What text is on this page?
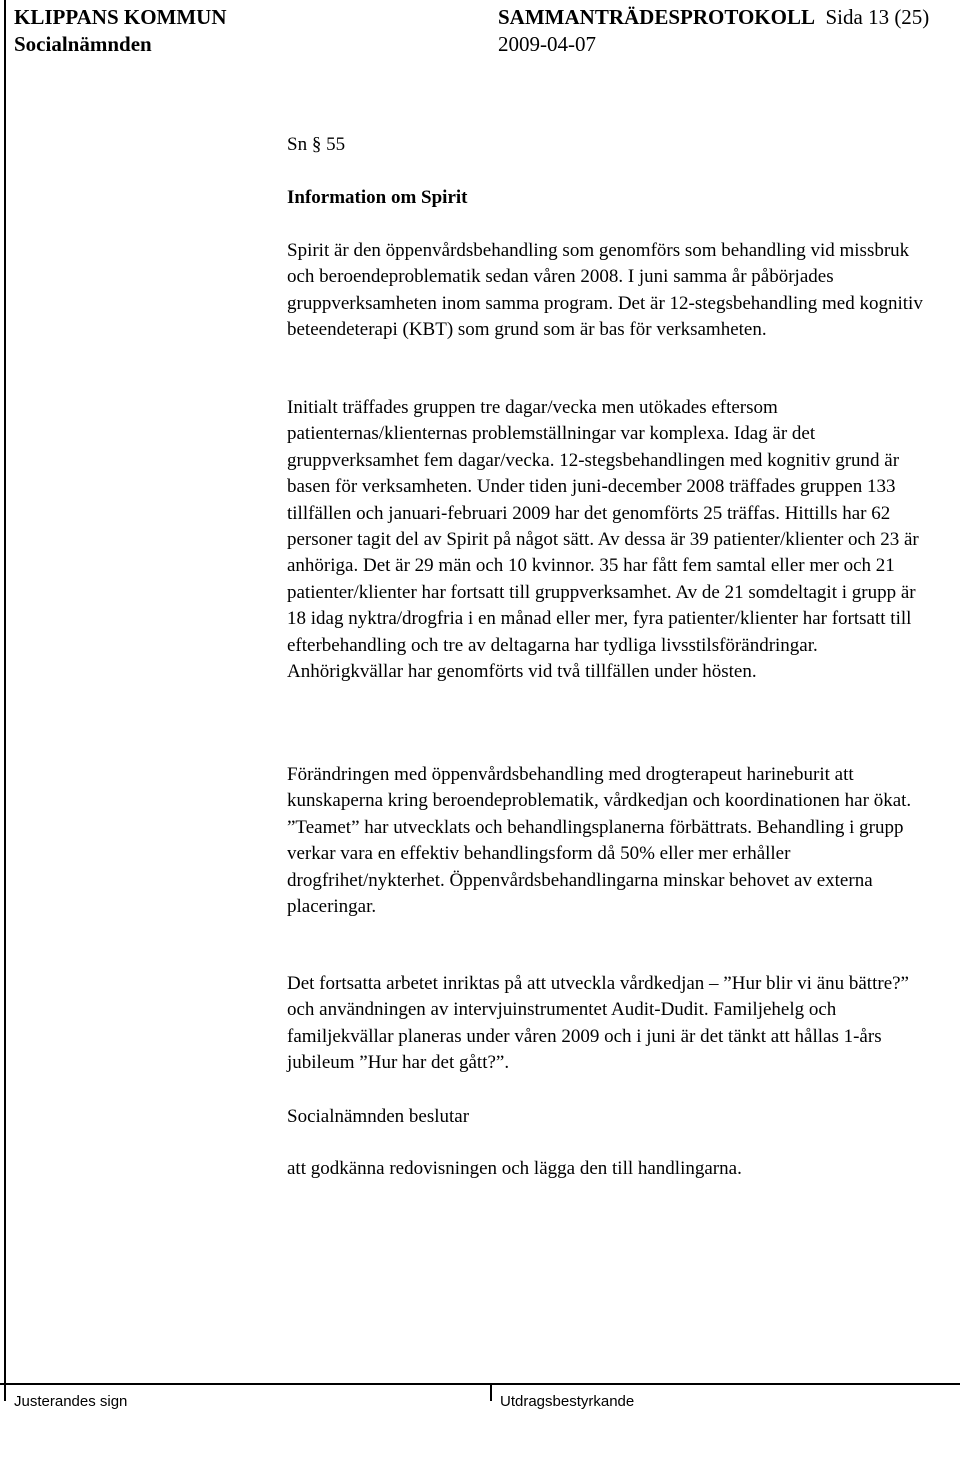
KLIPPANS KOMMUN
Socialnämnden
SAMMANTRÄDESPROTOKOLL Sida 13 (25)
2009-04-07
Sn § 55
Information om Spirit

Spirit är den öppenvårdsbehandling som genomförs som behandling vid missbruk och beroendeproblematik sedan våren 2008. I juni samma år påbörjades gruppverksamheten inom samma program. Det är 12-stegsbehandling med kognitiv beteendeterapi (KBT) som grund som är bas för verksamheten.

Initialt träffades gruppen tre dagar/vecka men utökades eftersom patienternas/klienternas problemställningar var komplexa. Idag är det gruppverksamhet fem dagar/vecka. 12-stegsbehandlingen med kognitiv grund är basen för verksamheten. Under tiden juni-december 2008 träffades gruppen 133 tillfällen och januari-februari 2009 har det genomförts 25 träffas. Hittills har 62 personer tagit del av Spirit på något sätt. Av dessa är 39 patienter/klienter och 23 är anhöriga. Det är 29 män och 10 kvinnor. 35 har fått fem samtal eller mer och 21 patienter/klienter har fortsatt till gruppverksamhet. Av de 21 somdeltagit i grupp är 18 idag nyktra/drogfria i en månad eller mer, fyra patienter/klienter har fortsatt till efterbehandling och tre av deltagarna har tydliga livsstilsförändringar. Anhörigkvällar har genomförts vid två tillfällen under hösten.

Förändringen med öppenvårdsbehandling med drogterapeut harineburit att kunskaperna kring beroendeproblematik, vårdkedjan och koordinationen har ökat. ”Teamet” har utvecklats och behandlingsplanerna förbättrats. Behandling i grupp verkar vara en effektiv behandlingsform då 50% eller mer erhåller drogfrihet/nykterhet. Öppenvårdsbehandlingarna minskar behovet av externa placeringar.

Det fortsatta arbetet inriktas på att utveckla vårdkedjan – ”Hur blir vi änu bättre?” och användningen av intervjuinstrumentet Audit-Dudit. Familjehelg och familjekvällar planeras under våren 2009 och i juni är det tänkt att hållas 1-års jubileum ”Hur har det gått?”.

Socialnämnden beslutar
att godkänna redovisningen och lägga den till handlingarna.
Justerandes sign	Utdragsbestyrkande
